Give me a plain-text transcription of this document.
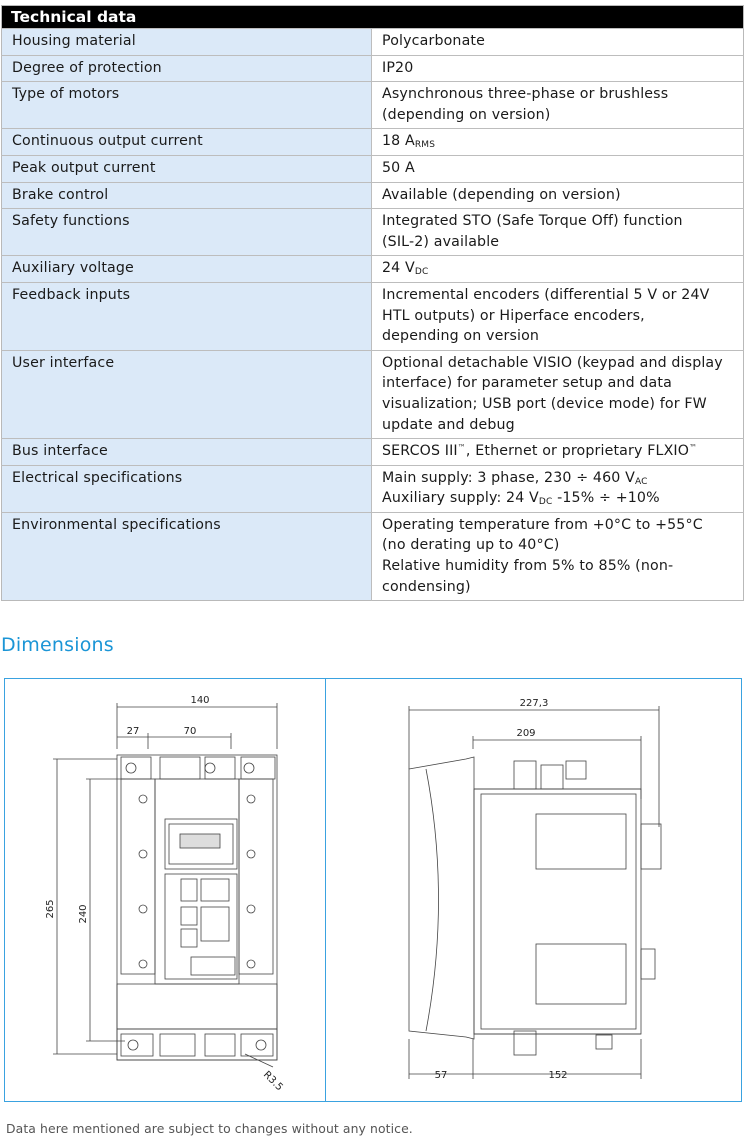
Technical data	
Housing material	Polycarbonate

Degree of protection	IP20

Type of motors	Asynchronous three-phase or brushless
(depending on version)

Continuous output current	18 $A_{RMS}$

Peak output current	50 A

Brake control	Available (depending on version)

Safety functions	Integrated STO (Safe Torque Off) function
(SIL-2) available

Auxiliary voltage	24 $V_{DC}$

Feedback inputs	Incremental encoders (differential 5 V or 24V
HTL outputs) or Hiperface encoders,
depending on version

User interface	Optional detachable VISIO (keypad and display
interface) for parameter setup and data
visualization; USB port (device mode) for FW
update and debug

Bus interface	SERCOS III™, Ethernet or proprietary FLXIO™

Electrical specifications	Main supply: 3 phase, 230 ÷ 460 $V_{AC}$
Auxiliary supply: 24 $V_{DC}$ -15% ÷ +10%

Environmental specifications	Operating temperature from +0°C to +55°C
(no derating up to 40°C)
Relative humidity from 5% to 85% (non-
condensing)
Dimensions
140
27	70
265 240
R3.5
227,3
209
57	152
Data here mentioned are subject to changes without any notice.
